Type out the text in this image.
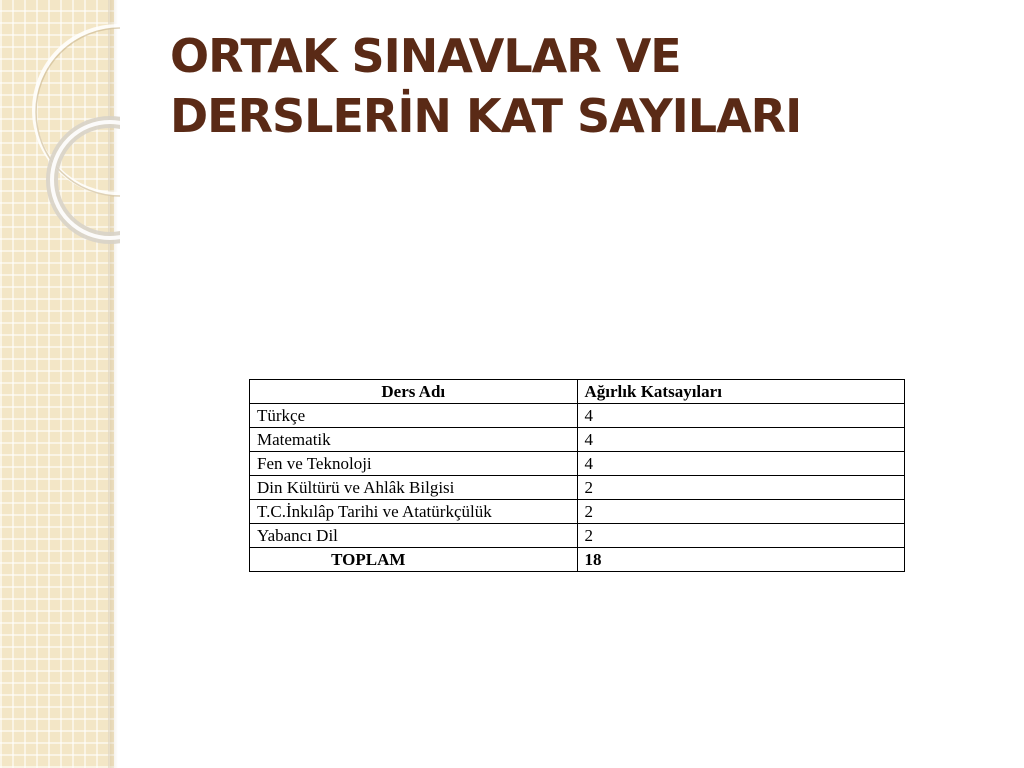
ORTAK SINAVLAR VE
DERSLERİN KAT SAYILARI
Ders Adı	Ağırlık Katsayıları
Türkçe	4
Matematik	4
Fen ve Teknoloji	4
Din Kültürü ve Ahlâk Bilgisi	2
T.C.İnkılâp Tarihi ve Atatürkçülük	2
Yabancı Dil	2
TOPLAM	18
